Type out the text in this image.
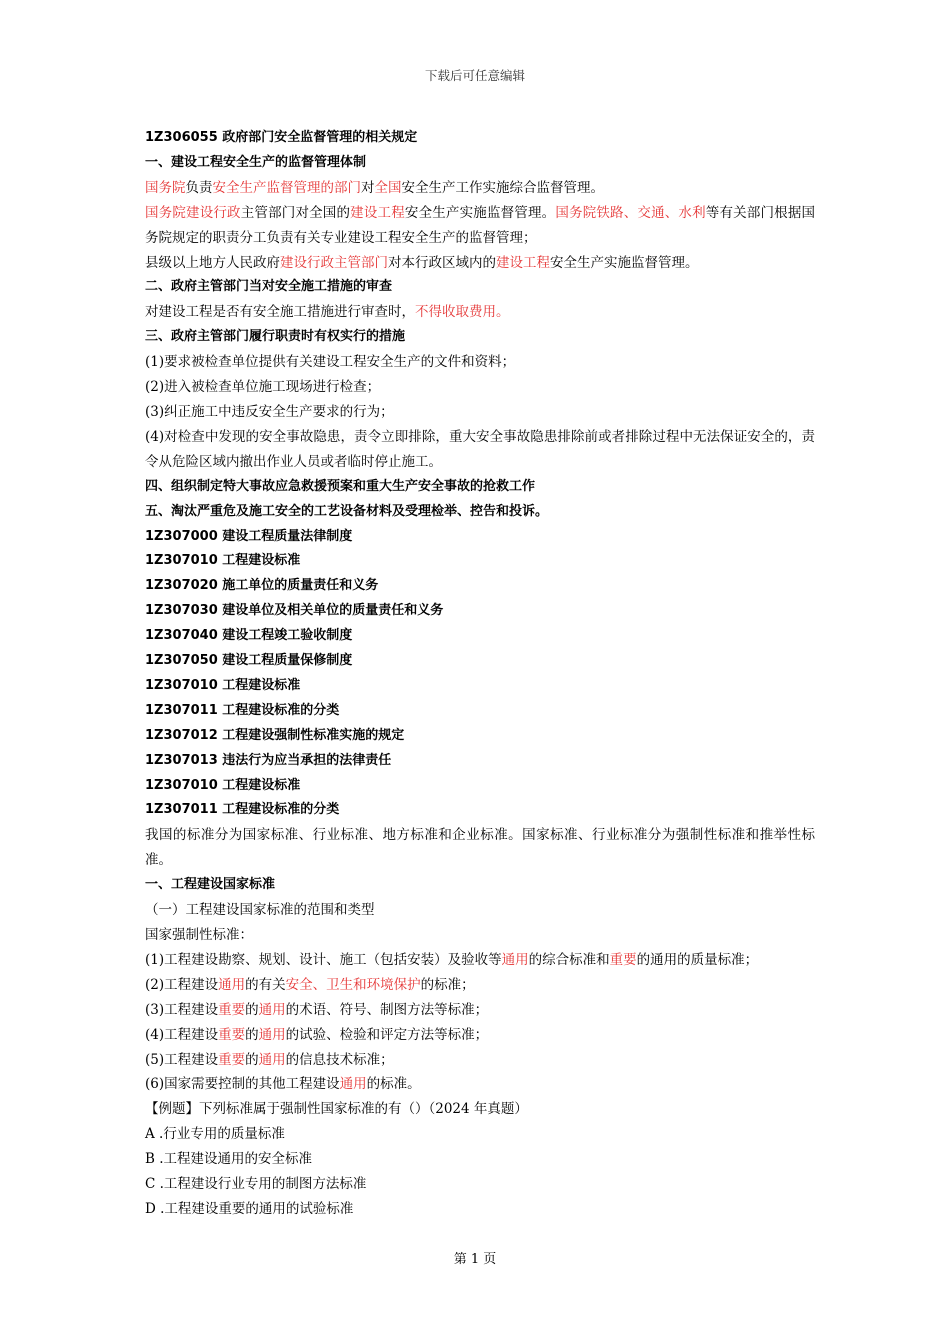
下载后可任意编辑
1Z306055 政府部门安全监督管理的相关规定
一、建设工程安全生产的监督管理体制
国务院负责安全生产监督管理的部门对全国安全生产工作实施综合监督管理。
国务院建设行政主管部门对全国的建设工程安全生产实施监督管理。国务院铁路、交通、水利等有关部门根据国务院规定的职责分工负责有关专业建设工程安全生产的监督管理；
县级以上地方人民政府建设行政主管部门对本行政区域内的建设工程安全生产实施监督管理。
二、政府主管部门当对安全施工措施的审查
对建设工程是否有安全施工措施进行审查时，不得收取费用。
三、政府主管部门履行职责时有权实行的措施
(1)要求被检查单位提供有关建设工程安全生产的文件和资料；
(2)进入被检查单位施工现场进行检查；
(3)纠正施工中违反安全生产要求的行为；
(4)对检查中发现的安全事故隐患，责令立即排除，重大安全事故隐患排除前或者排除过程中无法保证安全的，责令从危险区域内撤出作业人员或者临时停止施工。
四、组织制定特大事故应急救援预案和重大生产安全事故的抢救工作
五、淘汰严重危及施工安全的工艺设备材料及受理检举、控告和投诉。
1Z307000 建设工程质量法律制度
1Z307010 工程建设标准
1Z307020 施工单位的质量责任和义务
1Z307030 建设单位及相关单位的质量责任和义务
1Z307040 建设工程竣工验收制度
1Z307050 建设工程质量保修制度
1Z307010 工程建设标准
1Z307011 工程建设标准的分类
1Z307012 工程建设强制性标准实施的规定
1Z307013 违法行为应当承担的法律责任
1Z307010 工程建设标准
1Z307011 工程建设标准的分类
我国的标准分为国家标准、行业标准、地方标准和企业标准。国家标准、行业标准分为强制性标准和推举性标准。
一、工程建设国家标准
（一）工程建设国家标准的范围和类型
国家强制性标准：
(1)工程建设勘察、规划、设计、施工（包括安装）及验收等通用的综合标准和重要的通用的质量标准；
(2)工程建设通用的有关安全、卫生和环境保护的标准；
(3)工程建设重要的通用的术语、符号、制图方法等标准；
(4)工程建设重要的通用的试验、检验和评定方法等标准；
(5)工程建设重要的通用的信息技术标准；
(6)国家需要控制的其他工程建设通用的标准。
【例题】下列标准属于强制性国家标准的有（）（2024 年真题）
A .行业专用的质量标准
B .工程建设通用的安全标准
C .工程建设行业专用的制图方法标准
D .工程建设重要的通用的试验标准
第 1 页
